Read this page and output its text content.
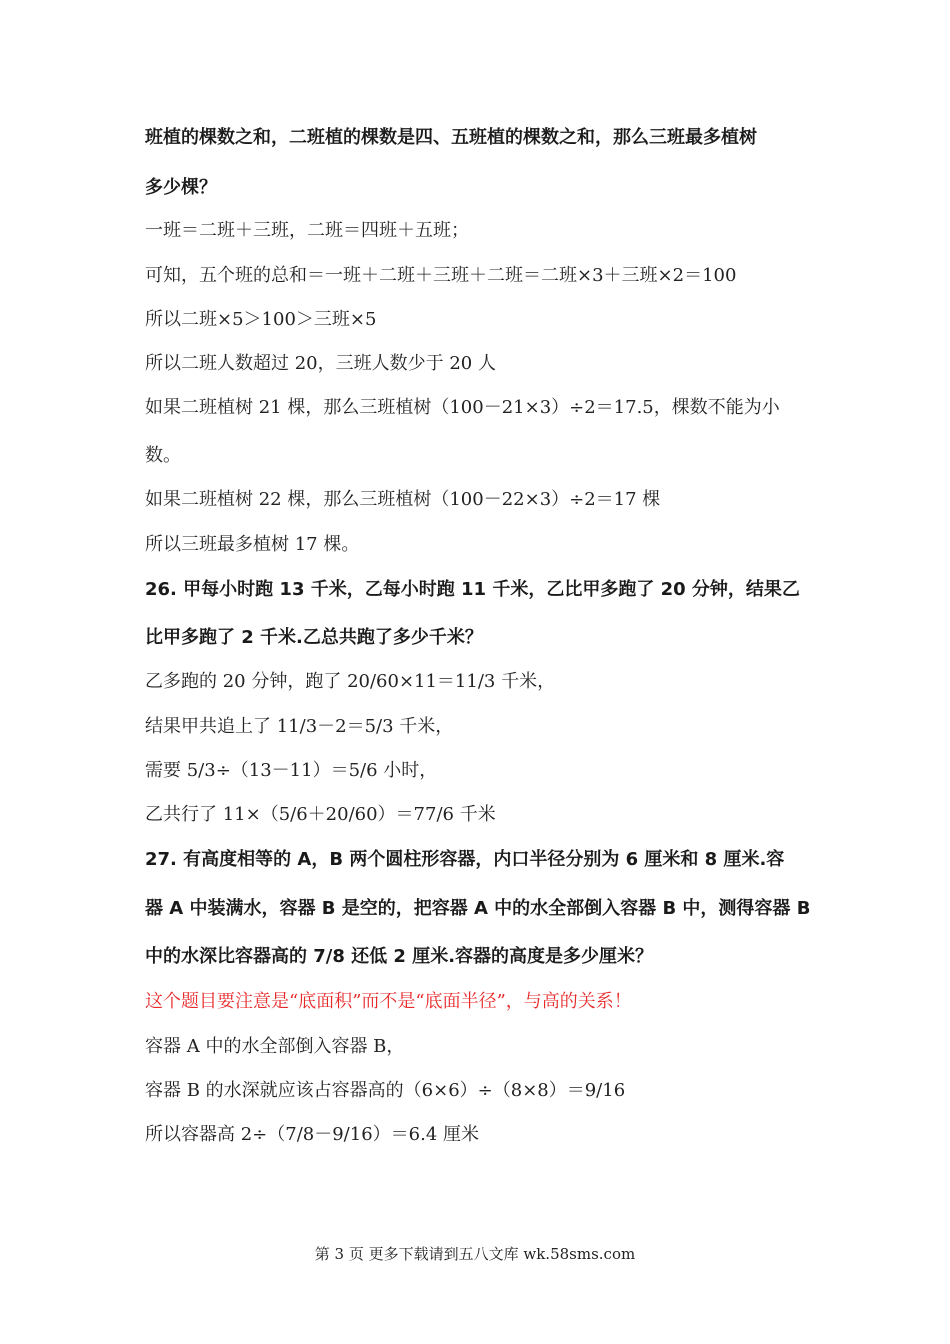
班植的棵数之和，二班植的棵数是四、五班植的棵数之和，那么三班最多植树
多少棵？
一班＝二班＋三班，二班＝四班＋五班；
可知，五个班的总和＝一班＋二班＋三班＋二班＝二班×3＋三班×2＝100
所以二班×5＞100＞三班×5
所以二班人数超过 20，三班人数少于 20 人
如果二班植树 21 棵，那么三班植树（100－21×3）÷2＝17.5，棵数不能为小
数。
如果二班植树 22 棵，那么三班植树（100－22×3）÷2＝17 棵
所以三班最多植树 17 棵。
26. 甲每小时跑 13 千米，乙每小时跑 11 千米，乙比甲多跑了 20 分钟，结果乙
比甲多跑了 2 千米.乙总共跑了多少千米？
乙多跑的 20 分钟，跑了 20/60×11＝11/3 千米，
结果甲共追上了 11/3－2＝5/3 千米，
需要 5/3÷（13－11）＝5/6 小时，
乙共行了 11×（5/6＋20/60）＝77/6 千米
27. 有高度相等的 A，B 两个圆柱形容器，内口半径分别为 6 厘米和 8 厘米.容
器 A 中装满水，容器 B 是空的，把容器 A 中的水全部倒入容器 B 中，测得容器 B
中的水深比容器高的 7/8 还低 2 厘米.容器的高度是多少厘米？
这个题目要注意是“底面积”而不是“底面半径”，与高的关系！
容器 A 中的水全部倒入容器 B，
容器 B 的水深就应该占容器高的（6×6）÷（8×8）＝9/16
所以容器高 2÷（7/8－9/16）＝6.4 厘米
第 3 页 更多下载请到五八文库 wk.58sms.com
